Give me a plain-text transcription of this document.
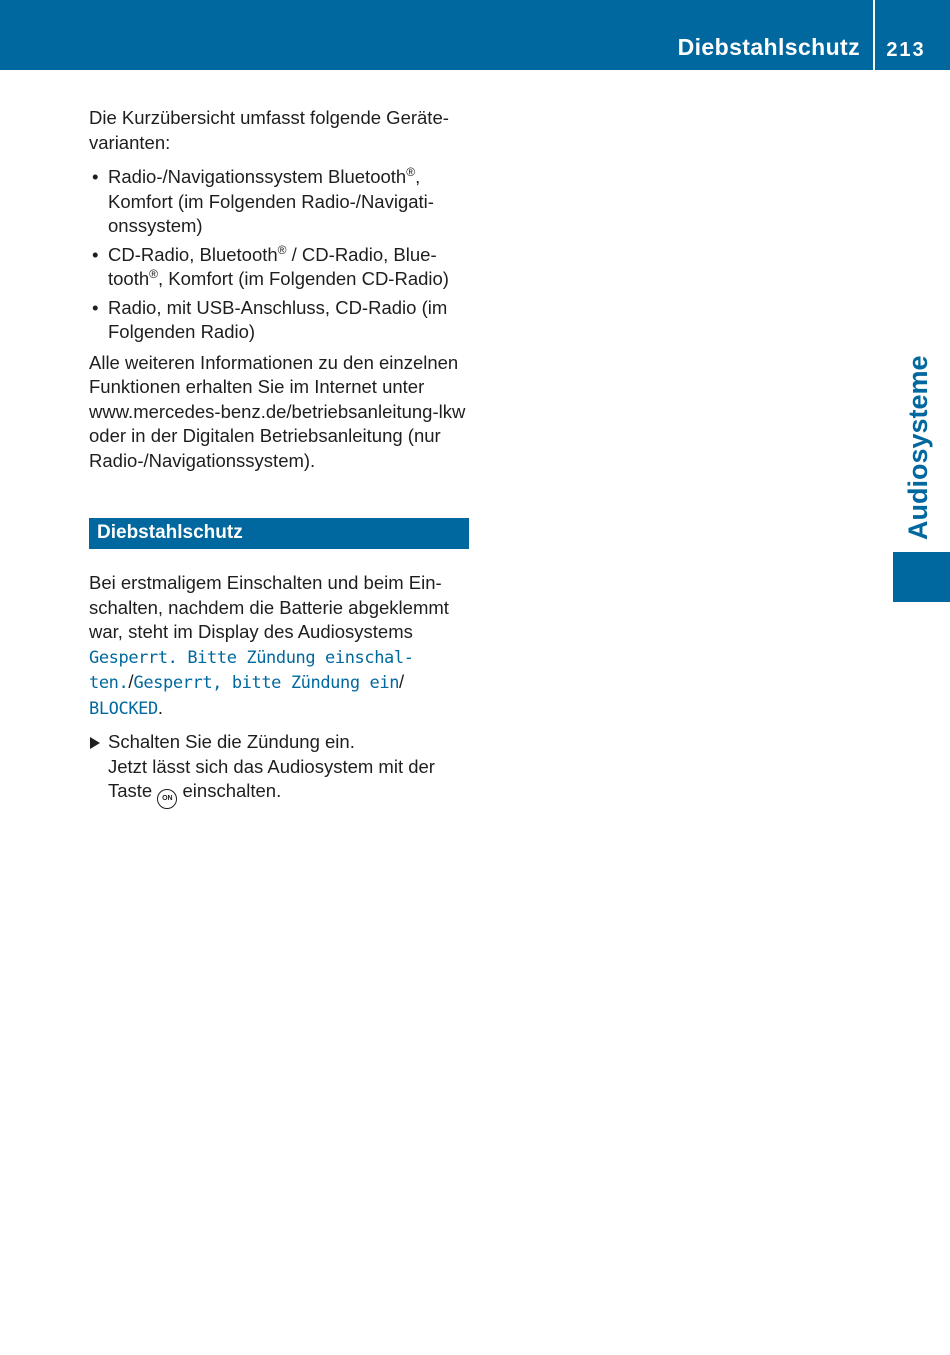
Diebstahlschutz	213
Audiosysteme

Die Kurzübersicht umfasst folgende Geräte-varianten:

• Radio-/Navigationssystem Bluetooth®, Komfort (im Folgenden Radio-/Navigati-onssystem)
• CD-Radio, Bluetooth® / CD-Radio, Blue-tooth®, Komfort (im Folgenden CD-Radio)
• Radio, mit USB-Anschluss, CD-Radio (im Folgenden Radio)

Alle weiteren Informationen zu den einzelnen Funktionen erhalten Sie im Internet unter www.mercedes-benz.de/betriebsanleitung-lkw oder in der Digitalen Betriebsanleitung (nur Radio-/Navigationssystem).

Diebstahlschutz

Bei erstmaligem Einschalten und beim Ein-schalten, nachdem die Batterie abgeklemmt war, steht im Display des Audiosystems Gesperrt. Bitte Zündung einschal-ten./Gesperrt, bitte Zündung ein/ BLOCKED.

Schalten Sie die Zündung ein.
Jetzt lässt sich das Audiosystem mit der Taste ON einschalten.
